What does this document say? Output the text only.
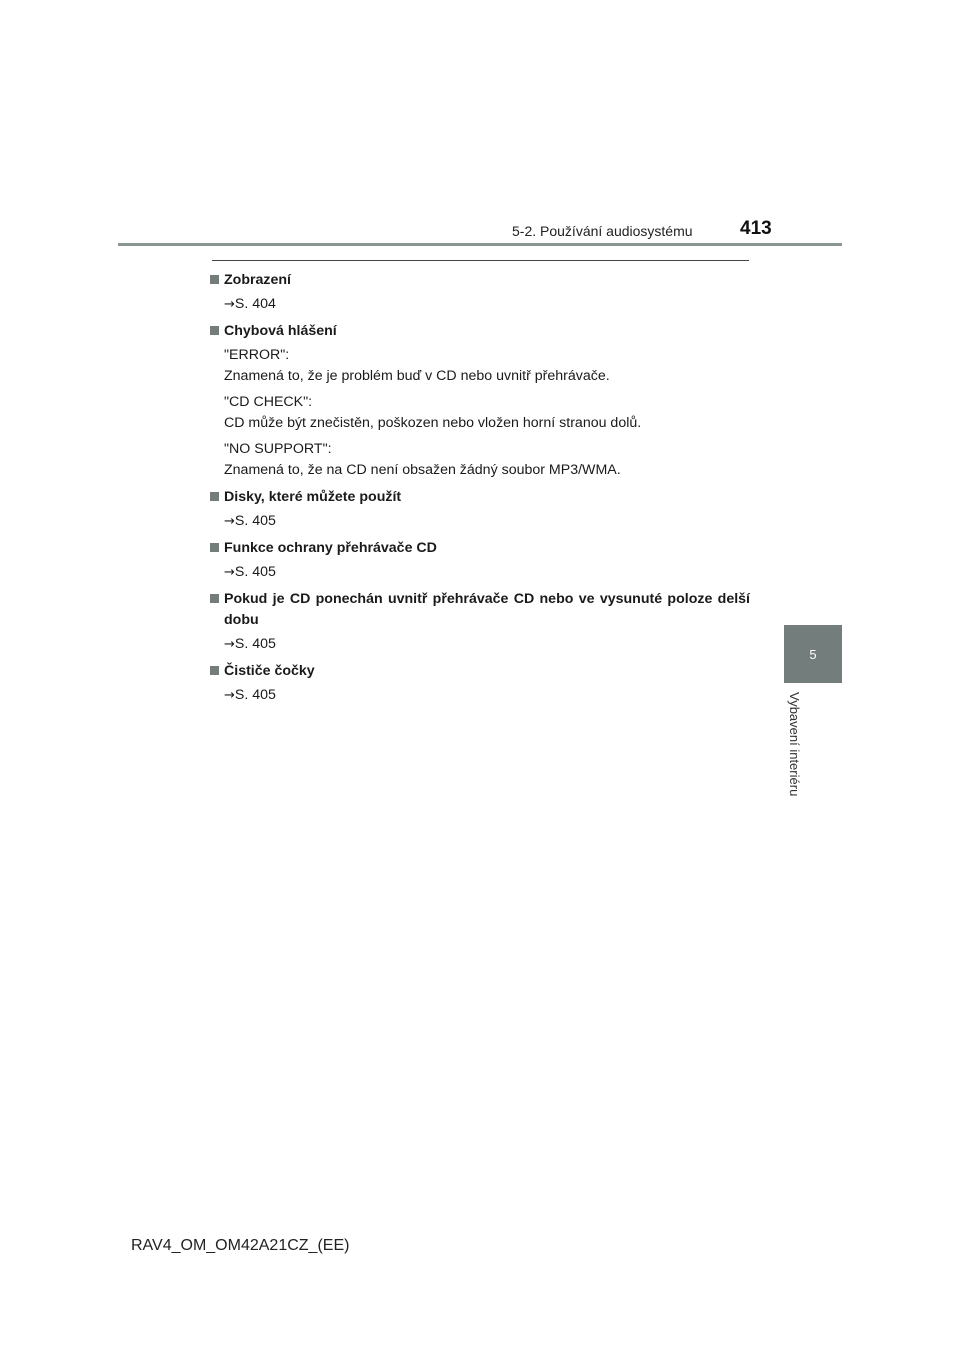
5-2. Používání audiosystému 413
Zobrazení
→S. 404
Chybová hlášení
"ERROR":
Znamená to, že je problém buď v CD nebo uvnitř přehrávače.
"CD CHECK":
CD může být znečistěn, poškozen nebo vložen horní stranou dolů.
"NO SUPPORT":
Znamená to, že na CD není obsažen žádný soubor MP3/WMA.
Disky, které můžete použít
→S. 405
Funkce ochrany přehrávače CD
→S. 405
Pokud je CD ponechán uvnitř přehrávače CD nebo ve vysunuté poloze delší dobu
→S. 405
Čističe čočky
→S. 405
5
Vybavení interiéru
RAV4_OM_OM42A21CZ_(EE)
